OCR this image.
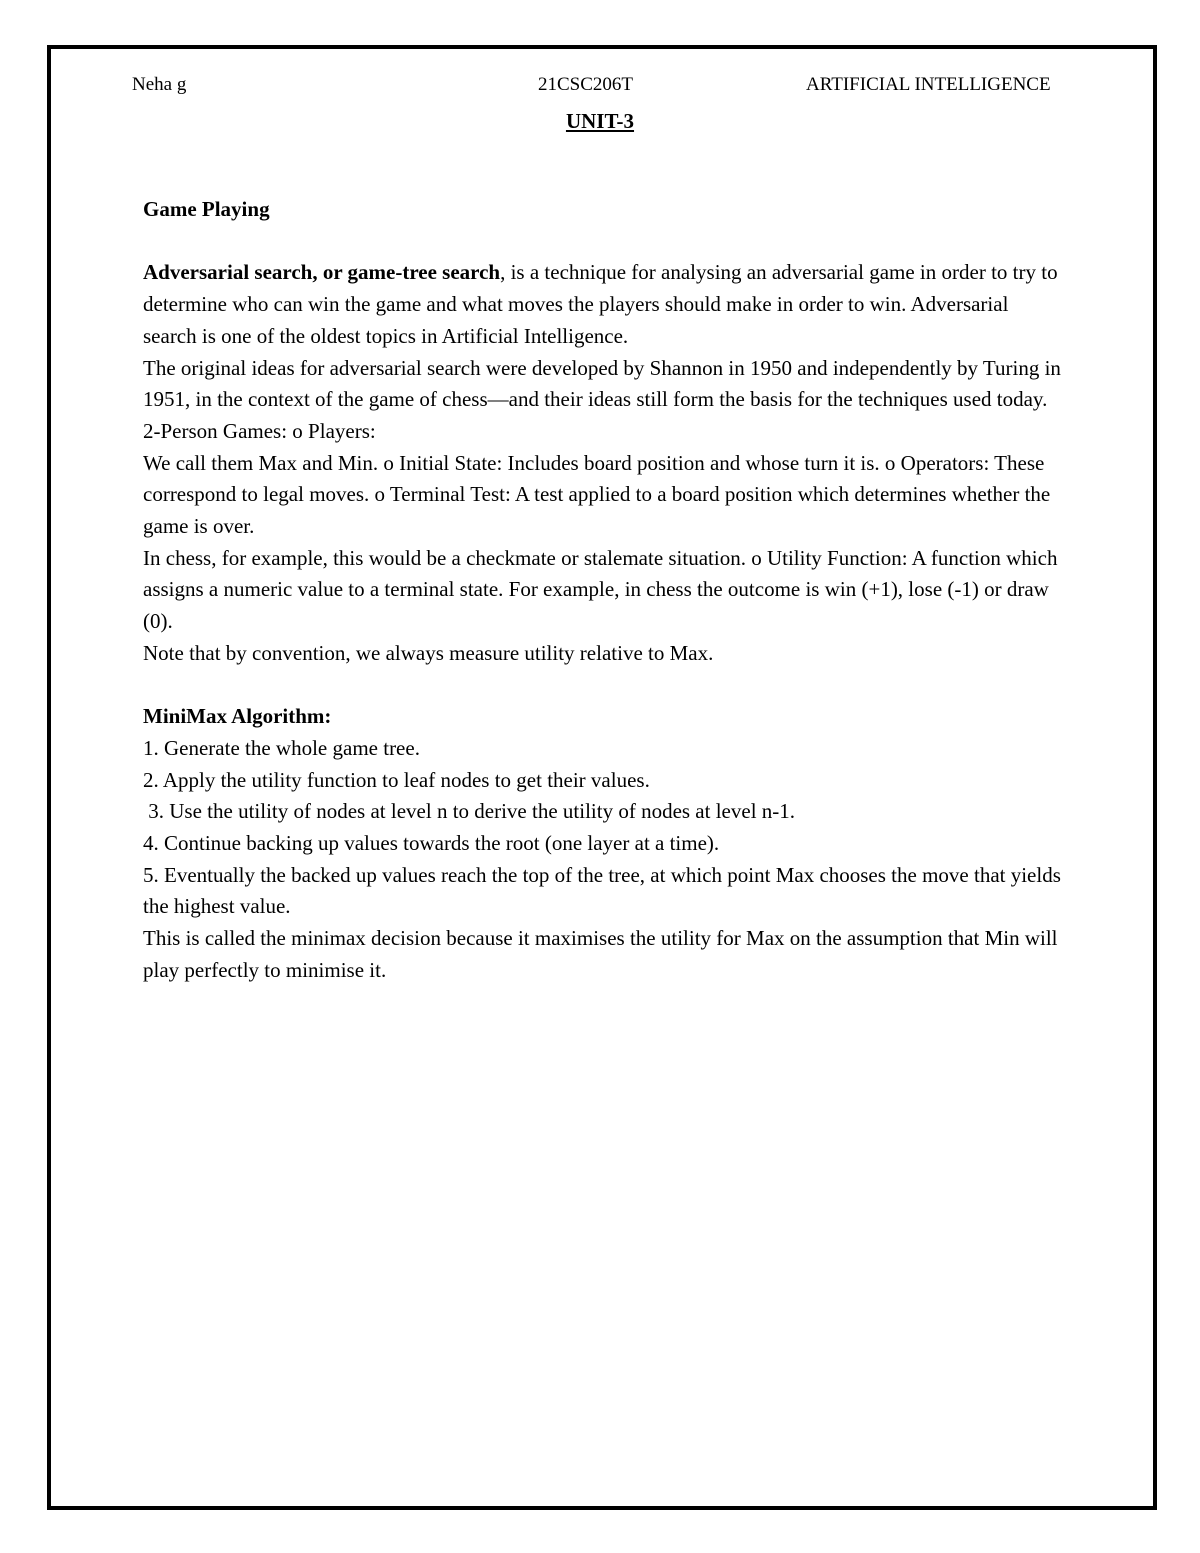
Neha g	21CSC206T	ARTIFICIAL INTELLIGENCE
UNIT-3

Game Playing

Adversarial search, or game-tree search, is a technique for analysing an adversarial game in order to try to determine who can win the game and what moves the players should make in order to win. Adversarial search is one of the oldest topics in Artificial Intelligence.

The original ideas for adversarial search were developed by Shannon in 1950 and independently by Turing in 1951, in the context of the game of chess—and their ideas still form the basis for the techniques used today. 2-Person Games: o Players:

We call them Max and Min. o Initial State: Includes board position and whose turn it is. o Operators: These correspond to legal moves. o Terminal Test: A test applied to a board position which determines whether the game is over.

In chess, for example, this would be a checkmate or stalemate situation. o Utility Function: A function which assigns a numeric value to a terminal state. For example, in chess the outcome is win (+1), lose (-1) or draw (0).

Note that by convention, we always measure utility relative to Max.

MiniMax Algorithm:

1. Generate the whole game tree.

2. Apply the utility function to leaf nodes to get their values.

3. Use the utility of nodes at level n to derive the utility of nodes at level n-1.

4. Continue backing up values towards the root (one layer at a time).

5. Eventually the backed up values reach the top of the tree, at which point Max chooses the move that yields the highest value.

This is called the minimax decision because it maximises the utility for Max on the assumption that Min will play perfectly to minimise it.
